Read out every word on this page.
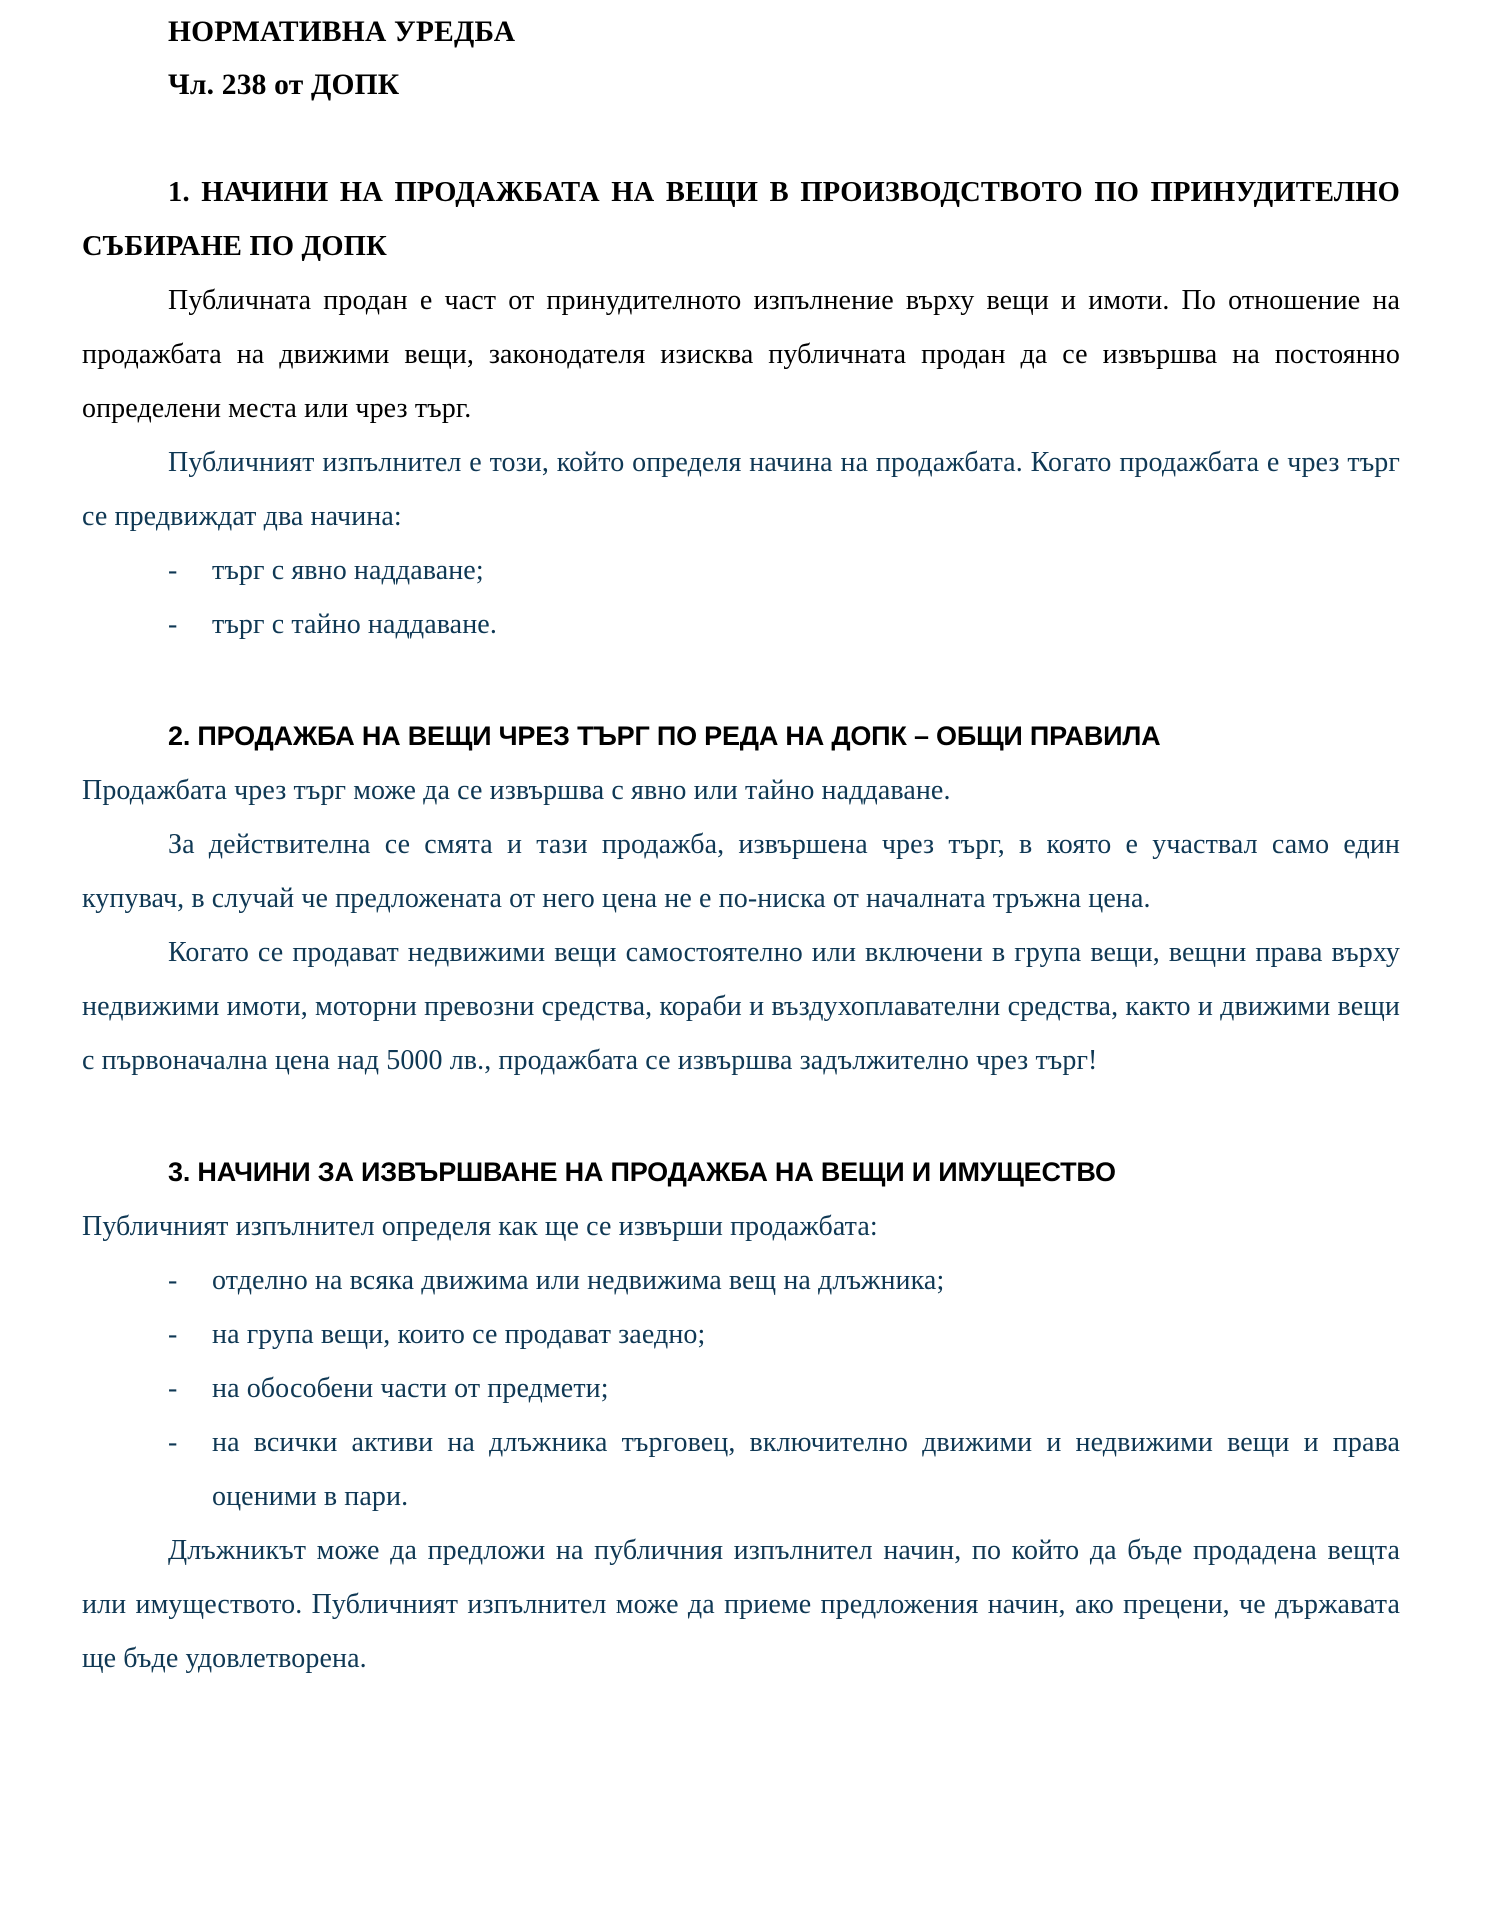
НОРМАТИВНА УРЕДБА
Чл. 238 от ДОПК
1. НАЧИНИ НА ПРОДАЖБАТА НА ВЕЩИ В ПРОИЗВОДСТВОТО ПО ПРИНУДИТЕЛНО СЪБИРАНЕ ПО ДОПК

Публичната продан е част от принудителното изпълнение върху вещи и имоти. По отношение на продажбата на движими вещи, законодателя изисква публичната продан да се извършва на постоянно определени места или чрез търг.

Публичният изпълнител е този, който определя начина на продажбата. Когато продажбата е чрез търг се предвиждат два начина:

- търг с явно наддаване;
- търг с тайно наддаване.
2. ПРОДАЖБА НА ВЕЩИ ЧРЕЗ ТЪРГ ПО РЕДА НА ДОПК – ОБЩИ ПРАВИЛА

Продажбата чрез търг може да се извършва с явно или тайно наддаване.

За действителна се смята и тази продажба, извършена чрез търг, в която е участвал само един купувач, в случай че предложената от него цена не е по-ниска от началната тръжна цена.

Когато се продават недвижими вещи самостоятелно или включени в група вещи, вещни права върху недвижими имоти, моторни превозни средства, кораби и въздухоплавателни средства, както и движими вещи с първоначална цена над 5000 лв., продажбата се извършва задължително чрез търг!

3. НАЧИНИ ЗА ИЗВЪРШВАНЕ НА ПРОДАЖБА НА ВЕЩИ И ИМУЩЕСТВО

Публичният изпълнител определя как ще се извърши продажбата:

- отделно на всяка движима или недвижима вещ на длъжника;
- на група вещи, които се продават заедно;
- на обособени части от предмети;
- на всички активи на длъжника търговец, включително движими и недвижими вещи и права оценими в пари.

Длъжникът може да предложи на публичния изпълнител начин, по който да бъде продадена вещта или имуществото. Публичният изпълнител може да приеме предложения начин, ако прецени, че държавата ще бъде удовлетворена.
